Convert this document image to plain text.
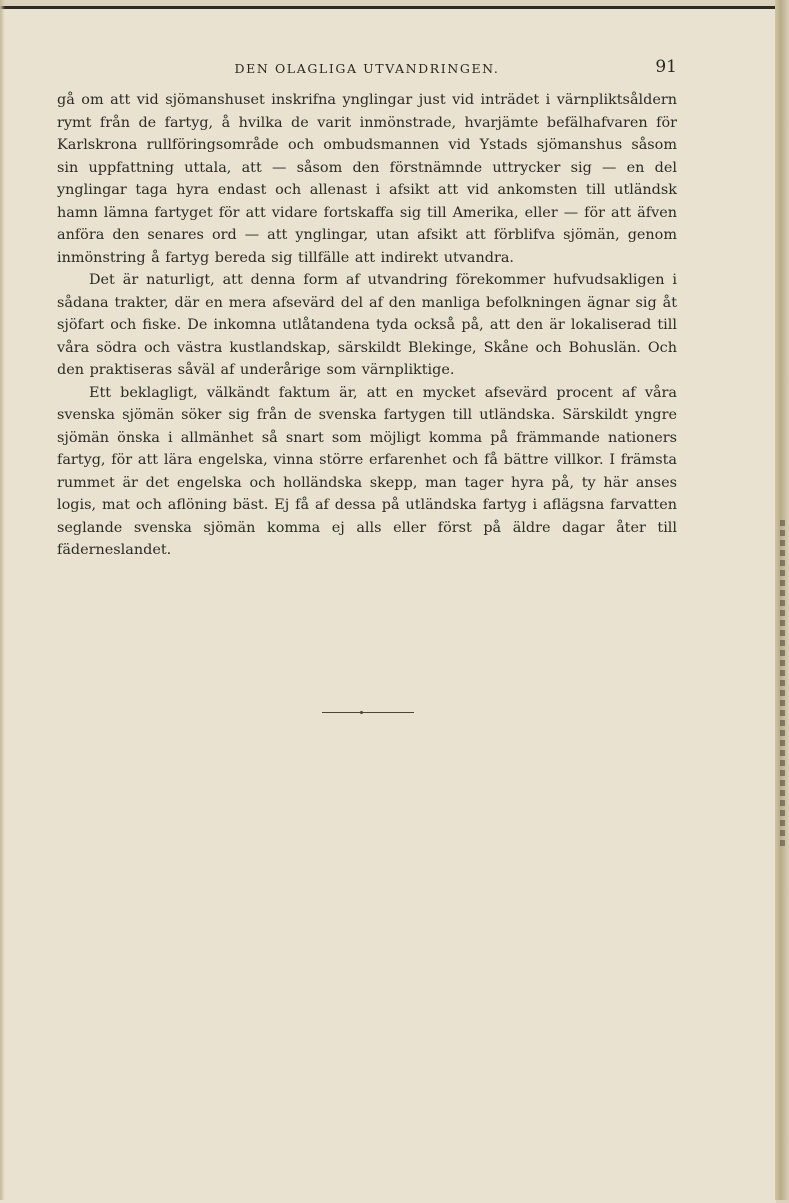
DEN OLAGLIGA UTVANDRINGEN.	91

gå om att vid sjömanshuset inskrifna ynglingar just vid inträdet i värnpliktsåldern rymt från de fartyg, å hvilka de varit inmönstrade, hvarjämte befälhafvaren för Karlskrona rullföringsområde och ombudsmannen vid Ystads sjömanshus såsom sin uppfattning uttala, att — såsom den förstnämnde uttrycker sig — en del ynglingar taga hyra endast och allenast i afsikt att vid ankomsten till utländsk hamn lämna fartyget för att vidare fortskaffa sig till Amerika, eller — för att äfven anföra den senares ord — att ynglingar, utan afsikt att förblifva sjömän, genom inmönstring å fartyg bereda sig tillfälle att indirekt utvandra.

Det är naturligt, att denna form af utvandring förekommer hufvudsakligen i sådana trakter, där en mera afsevärd del af den manliga befolkningen ägnar sig åt sjöfart och fiske. De inkomna utlåtandena tyda också på, att den är lokaliserad till våra södra och västra kustlandskap, särskildt Blekinge, Skåne och Bohuslän. Och den praktiseras såväl af underårige som värnpliktige.

Ett beklagligt, välkändt faktum är, att en mycket afsevärd procent af våra svenska sjömän söker sig från de svenska fartygen till utländska. Särskildt yngre sjömän önska i allmänhet så snart som möjligt komma på främmande nationers fartyg, för att lära engelska, vinna större erfarenhet och få bättre villkor. I främsta rummet är det engelska och holländska skepp, man tager hyra på, ty här anses logis, mat och aflöning bäst. Ej få af dessa på utländska fartyg i aflägsna farvatten seglande svenska sjömän komma ej alls eller först på äldre dagar åter till fäderneslandet.
